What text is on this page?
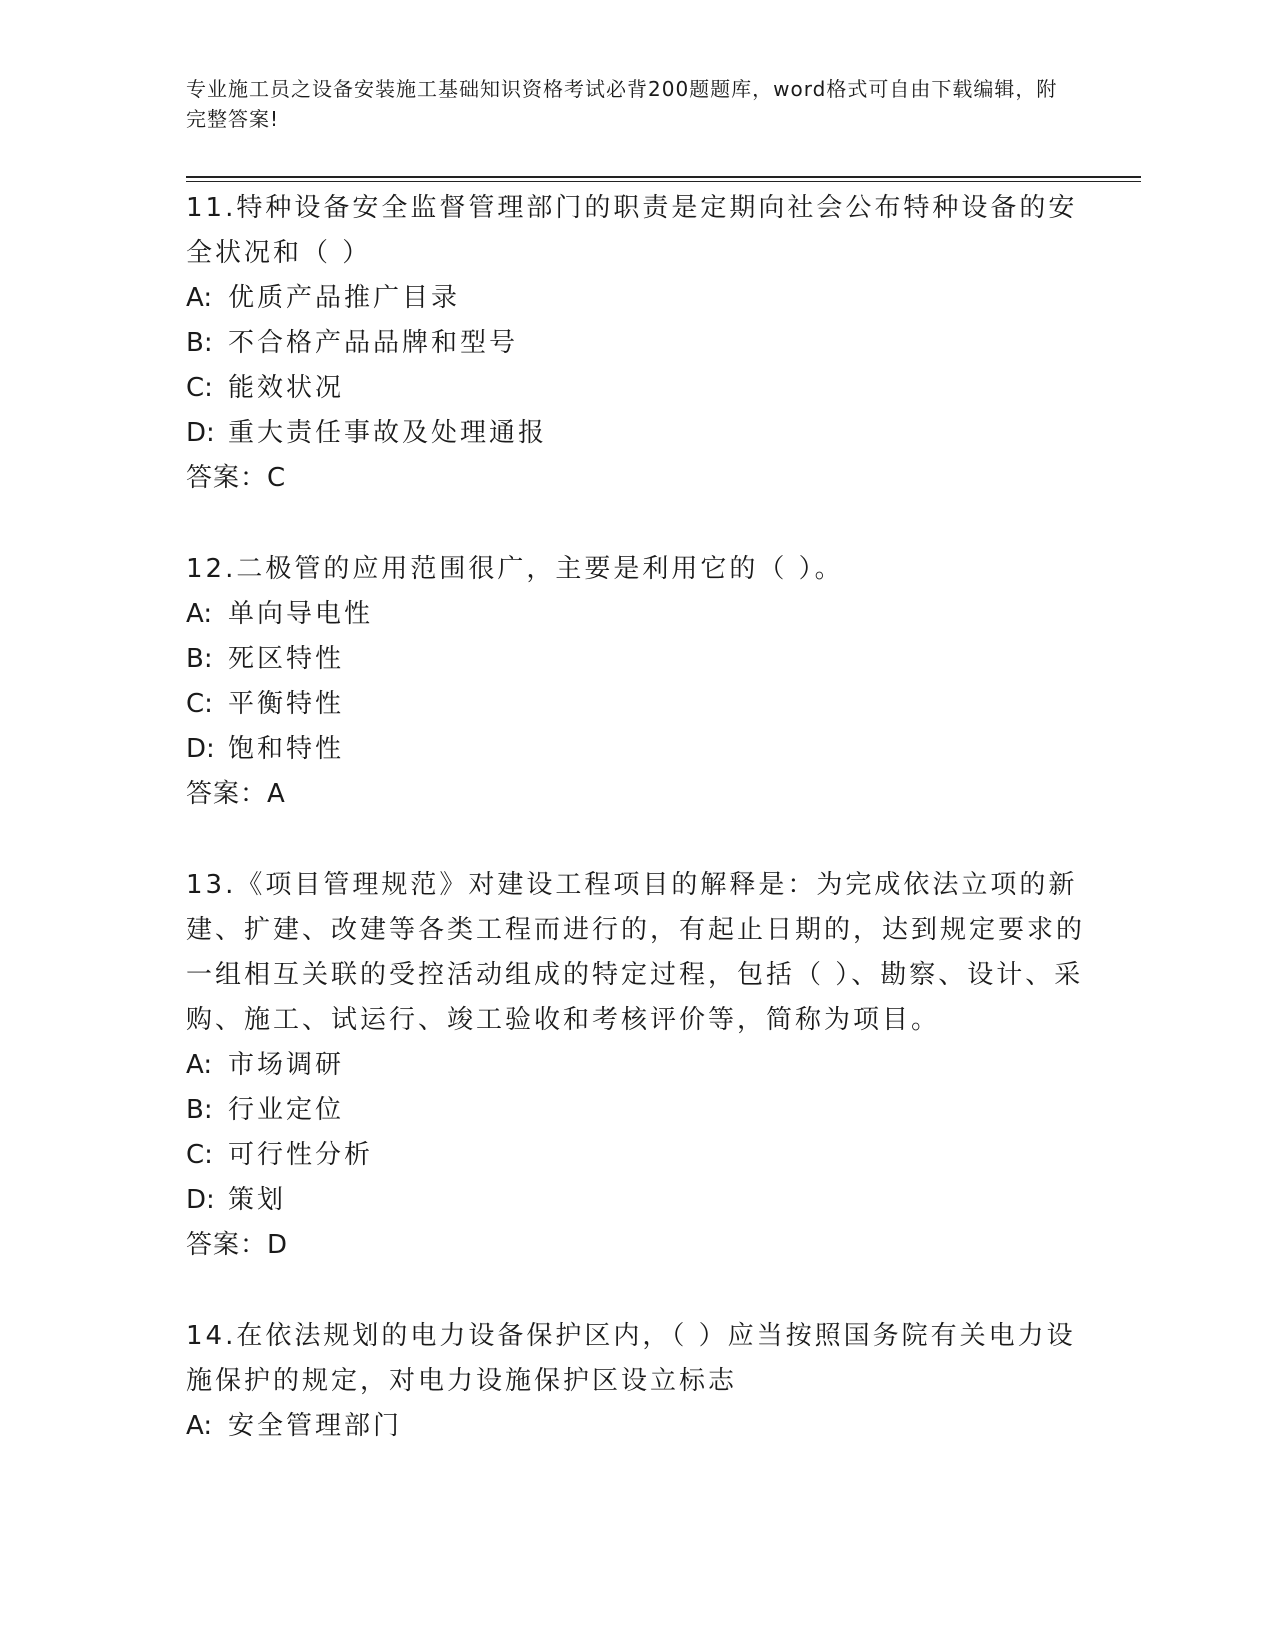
专业施工员之设备安装施工基础知识资格考试必背200题题库，word格式可自由下载编辑，附完整答案!

11.特种设备安全监督管理部门的职责是定期向社会公布特种设备的安全状况和（ ）

A: 优质产品推广目录

B: 不合格产品品牌和型号

C: 能效状况

D: 重大责任事故及处理通报

答案：C

12.二极管的应用范围很广，主要是利用它的（ ）。

A: 单向导电性

B: 死区特性

C: 平衡特性

D: 饱和特性

答案：A

13.《项目管理规范》对建设工程项目的解释是：为完成依法立项的新建、扩建、改建等各类工程而进行的，有起止日期的，达到规定要求的一组相互关联的受控活动组成的特定过程，包括（ ）、勘察、设计、采购、施工、试运行、竣工验收和考核评价等，简称为项目。

A: 市场调研

B: 行业定位

C: 可行性分析

D: 策划

答案：D

14.在依法规划的电力设备保护区内，（ ）应当按照国务院有关电力设施保护的规定，对电力设施保护区设立标志

A: 安全管理部门
